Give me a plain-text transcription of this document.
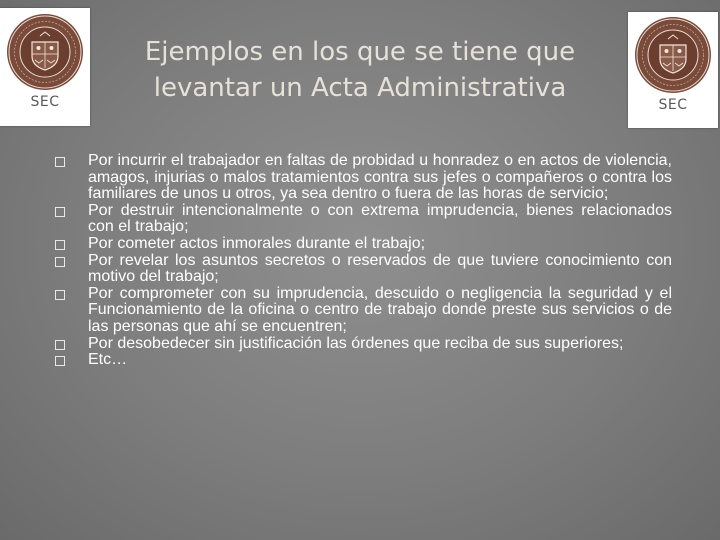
SEC	SEC
Ejemplos en los que se tiene que
levantar un Acta Administrativa
Por incurrir el trabajador en faltas de probidad u honradez o en actos de violencia, amagos, injurias o malos tratamientos contra sus jefes o compañeros o contra los familiares de unos u otros, ya sea dentro o fuera de las horas de servicio;
Por destruir intencionalmente o con extrema imprudencia, bienes relacionados con el trabajo;
Por cometer actos inmorales durante el trabajo;
Por revelar los asuntos secretos o reservados de que tuviere conocimiento con motivo del trabajo;
Por comprometer con su imprudencia, descuido o negligencia la seguridad y el Funcionamiento de la oficina o centro de trabajo donde preste sus servicios o de las personas que ahí se encuentren;
Por desobedecer sin justificación las órdenes que reciba de sus superiores;
Etc…
